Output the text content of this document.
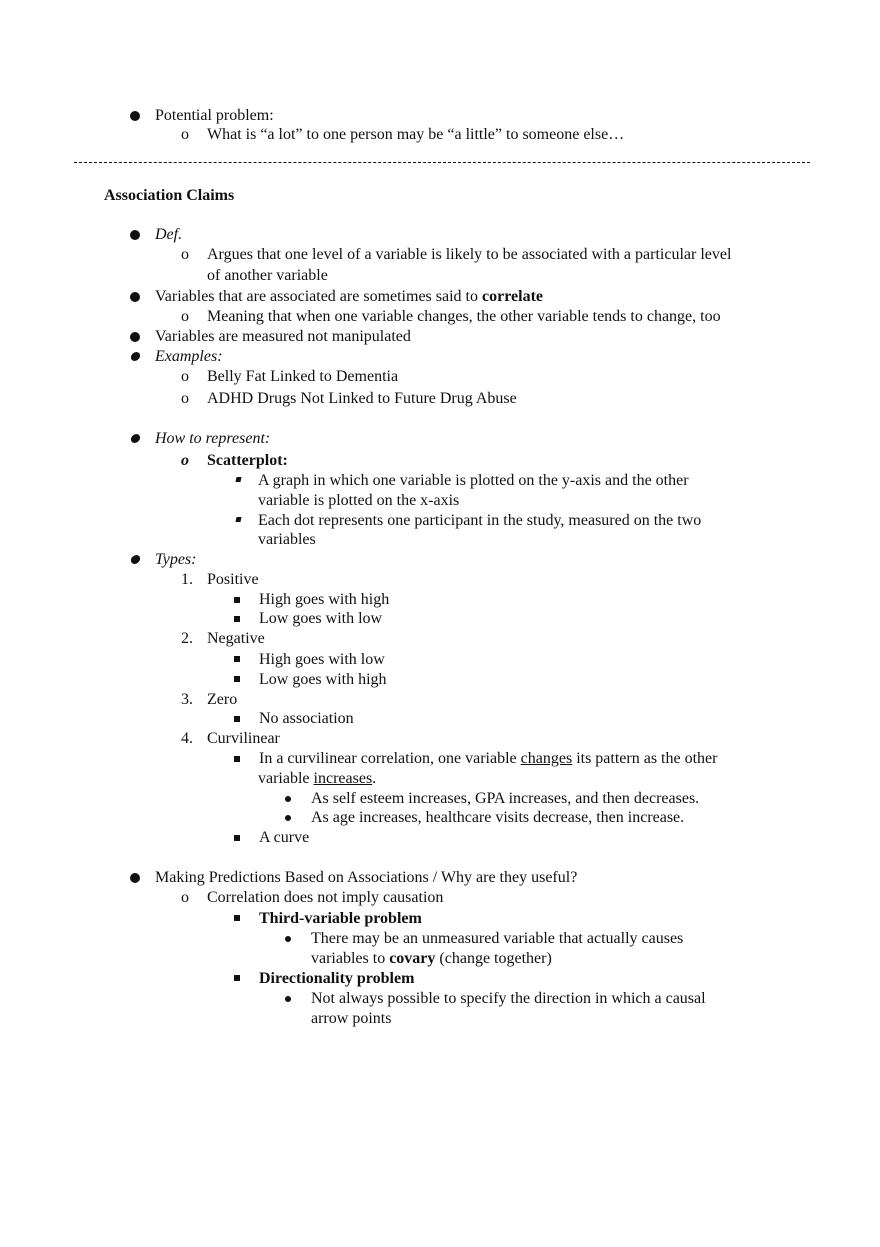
Potential problem:
o What is “a lot” to one person may be “a little” to someone else…
Association Claims
Def.
o Argues that one level of a variable is likely to be associated with a particular level
of another variable
Variables that are associated are sometimes said to correlate
o Meaning that when one variable changes, the other variable tends to change, too
Variables are measured not manipulated
Examples:
o Belly Fat Linked to Dementia
o ADHD Drugs Not Linked to Future Drug Abuse
How to represent:
o Scatterplot:
A graph in which one variable is plotted on the y-axis and the other
variable is plotted on the x-axis
Each dot represents one participant in the study, measured on the two
variables
Types:
1. Positive
High goes with high
Low goes with low
2. Negative
High goes with low
Low goes with high
3. Zero
No association
4. Curvilinear
In a curvilinear correlation, one variable changes its pattern as the other
variable increases.
As self esteem increases, GPA increases, and then decreases.
As age increases, healthcare visits decrease, then increase.
A curve
Making Predictions Based on Associations / Why are they useful?
o Correlation does not imply causation
Third-variable problem
There may be an unmeasured variable that actually causes
variables to covary (change together)
Directionality problem
Not always possible to specify the direction in which a causal
arrow points
